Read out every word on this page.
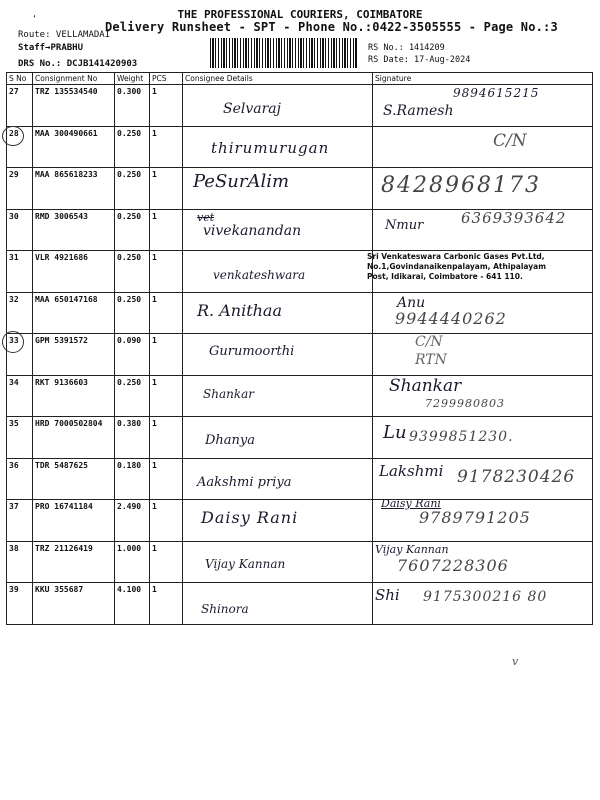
‘	THE PROFESSIONAL COURIERS, COIMBATORE
Delivery Runsheet - SPT - Phone No.:0422-3505555 - Page No.:3
Route: VELLAMADAI
Staff→PRABHU
DRS No.: DCJB141420903
RS No.: 1414209
RS Date: 17-Aug-2024
S No	Consignment No	Weight	PCS	Consignee Details	Signature
27	TRZ 135534540	0.300	1	Selvaraj	9894615215
S.Ramesh

28	MAA 300490661	0.250	1	thirumurugan	C/N

29	MAA 865618233	0.250	1	PeSurAlim	8428968173

30	RMD 3006543	0.250	1	vet
vivekanandan	Nmur 6369393642

31	VLR 4921686	0.250	1	venkateshwara	Sri Venkateswara Carbonic Gases Pvt.Ltd, No.1,Govindanaikenpalayam, Athipalayam Post, Idikarai, Coimbatore - 641 110.

32	MAA 650147168	0.250	1	R. Anithaa	Anu
9944440262

33	GPM 5391572	0.090	1	Gurumoorthi	C/N
RTN

34	RKT 9136603	0.250	1	Shankar	Shankar
7299980803

35	HRD 7000502804	0.380	1	Dhanya	Lu 9399851230.

36	TDR 5487625	0.180	1	Aakshmi priya	Lakshmi 9178230426

37	PRO 16741184	2.490	1	Daisy Rani	Daisy Rani
9789791205

38	TRZ 21126419	1.000	1	Vijay Kannan	Vijay Kannan
7607228306

39	KKU 355687	4.100	1	Shinora	Shi 9175300216 80
v
